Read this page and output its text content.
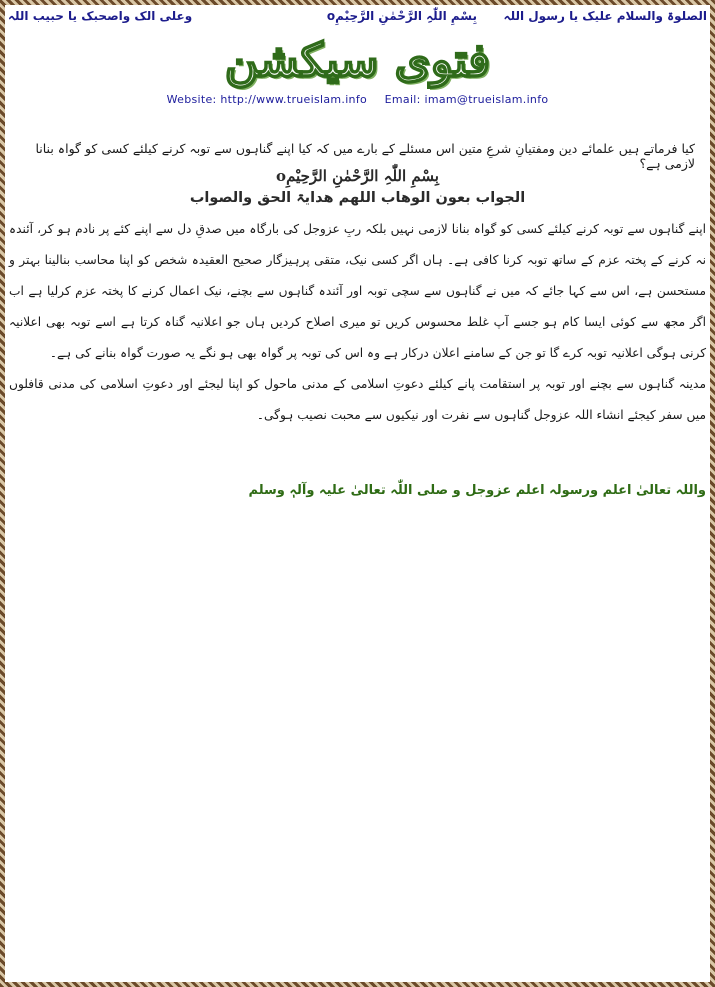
الصلوۃ والسلام علیک یا رسول اللہ
بِسْمِ اللّٰہِ الرَّحْمٰنِ الرَّحِیْمِo
وعلی الک واصحبک یا حبیب اللہ
فتوی سیکشن
Website: http://www.trueislam.info Email: imam@trueislam.info
کیا فرماتے ہیں علمائے دین ومفتیانِ شرعِ متین اس مسئلے کے بارے میں کہ کیا اپنے گناہوں سے توبہ کرنے کیلئے کسی کو گواہ بنانا لازمی ہے؟
بِسْمِ اللّٰہِ الرَّحْمٰنِ الرَّحِیْمِo
الجواب بعون الوھاب اللھم ھدایۃ الحق والصواب

اپنے گناہوں سے توبہ کرنے کیلئے کسی کو گواہ بنانا لازمی نہیں بلکہ ربِ عزوجل کی بارگاہ میں صدقِ دل سے اپنے کئے پر نادم ہو کر، آئندہ نہ کرنے کے پختہ عزم کے ساتھ توبہ کرنا کافی ہے۔ ہاں اگر کسی نیک، متقی پرہیزگار صحیح العقیدہ شخص کو اپنا محاسب بنالینا بہتر و مستحسن ہے، اس سے کہا جائے کہ میں نے گناہوں سے سچی توبہ اور آئندہ گناہوں سے بچنے، نیک اعمال کرنے کا پختہ عزم کرلیا ہے اب اگر مجھ سے کوئی ایسا کام ہو جسے آپ غلط محسوس کریں تو میری اصلاح کردیں ہاں جو اعلانیہ گناہ کرتا ہے اسے توبہ بھی اعلانیہ کرنی ہوگی اعلانیہ توبہ کرے گا تو جن کے سامنے اعلان درکار ہے وہ اس کی توبہ پر گواہ بھی ہو نگے یہ صورت گواہ بنانے کی ہے۔

مدینہ گناہوں سے بچنے اور توبہ پر استقامت پانے کیلئے دعوتِ اسلامی کے مدنی ماحول کو اپنا لیجئے اور دعوتِ اسلامی کی مدنی قافلوں میں سفر کیجئے انشاء اللہ عزوجل گناہوں سے نفرت اور نیکیوں سے محبت نصیب ہوگی۔

واللہ تعالیٰ اعلم ورسولہ اعلم عزوجل و صلی اللّٰہ تعالیٰ علیہ وآلہٖ وسلم
